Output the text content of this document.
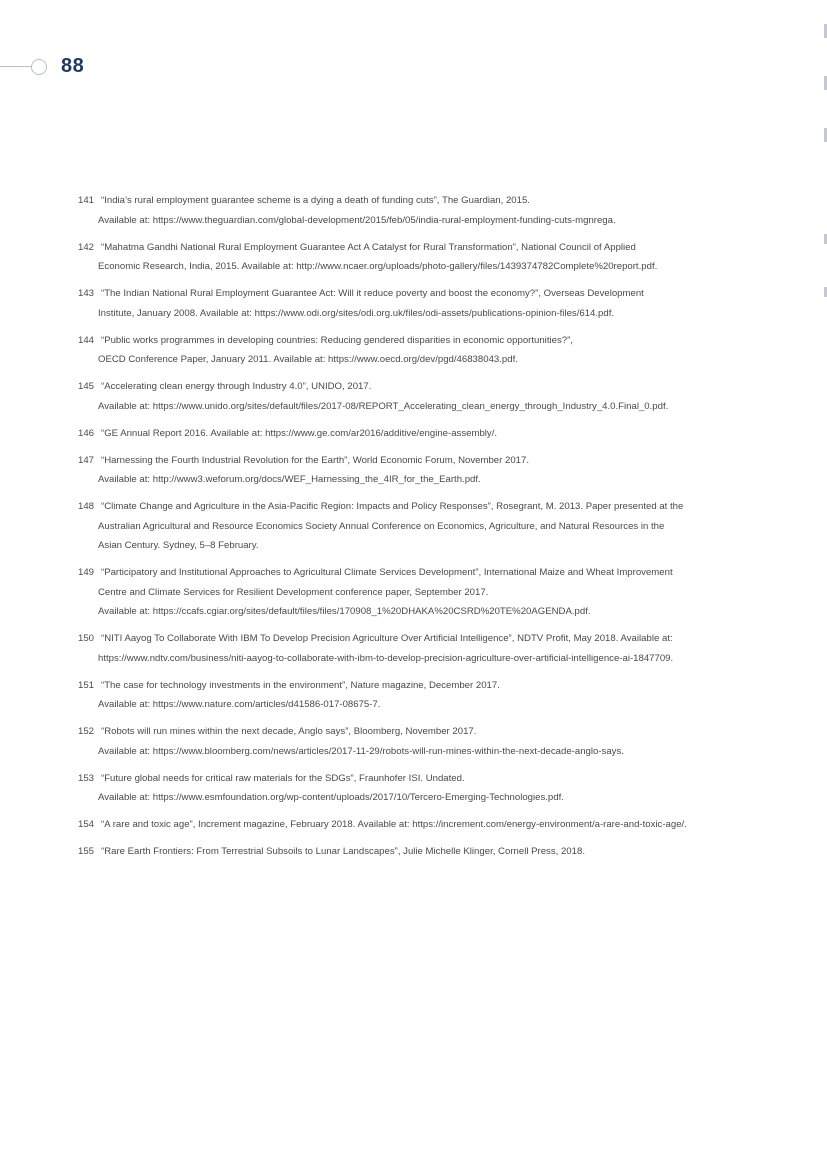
88
141 “India’s rural employment guarantee scheme is a dying a death of funding cuts”, The Guardian, 2015.
Available at: https://www.theguardian.com/global-development/2015/feb/05/india-rural-employment-funding-cuts-mgnrega.
142 “Mahatma Gandhi National Rural Employment Guarantee Act A Catalyst for Rural Transformation”, National Council of Applied
Economic Research, India, 2015. Available at: http://www.ncaer.org/uploads/photo-gallery/files/1439374782Complete%20report.pdf.
143 “The Indian National Rural Employment Guarantee Act: Will it reduce poverty and boost the economy?”, Overseas Development
Institute, January 2008. Available at: https://www.odi.org/sites/odi.org.uk/files/odi-assets/publications-opinion-files/614.pdf.
144 “Public works programmes in developing countries: Reducing gendered disparities in economic opportunities?”,
OECD Conference Paper, January 2011. Available at: https://www.oecd.org/dev/pgd/46838043.pdf.
145 “Accelerating clean energy through Industry 4.0”, UNIDO, 2017.
Available at: https://www.unido.org/sites/default/files/2017-08/REPORT_Accelerating_clean_energy_through_Industry_4.0.Final_0.pdf.
146 “GE Annual Report 2016. Available at: https://www.ge.com/ar2016/additive/engine-assembly/.
147 “Harnessing the Fourth Industrial Revolution for the Earth”, World Economic Forum, November 2017.
Available at: http://www3.weforum.org/docs/WEF_Harnessing_the_4IR_for_the_Earth.pdf.
148 “Climate Change and Agriculture in the Asia-Pacific Region: Impacts and Policy Responses”, Rosegrant, M. 2013. Paper presented at the
Australian Agricultural and Resource Economics Society Annual Conference on Economics, Agriculture, and Natural Resources in the
Asian Century. Sydney, 5–8 February.
149 “Participatory and Institutional Approaches to Agricultural Climate Services Development”, International Maize and Wheat Improvement
Centre and Climate Services for Resilient Development conference paper, September 2017.
Available at: https://ccafs.cgiar.org/sites/default/files/files/170908_1%20DHAKA%20CSRD%20TE%20AGENDA.pdf.
150 “NITI Aayog To Collaborate With IBM To Develop Precision Agriculture Over Artificial Intelligence”, NDTV Profit, May 2018. Available at:
https://www.ndtv.com/business/niti-aayog-to-collaborate-with-ibm-to-develop-precision-agriculture-over-artificial-intelligence-ai-1847709.
151 “The case for technology investments in the environment”, Nature magazine, December 2017.
Available at: https://www.nature.com/articles/d41586-017-08675-7.
152 “Robots will run mines within the next decade, Anglo says”, Bloomberg, November 2017.
Available at: https://www.bloomberg.com/news/articles/2017-11-29/robots-will-run-mines-within-the-next-decade-anglo-says.
153 “Future global needs for critical raw materials for the SDGs”, Fraunhofer ISI. Undated.
Available at: https://www.esmfoundation.org/wp-content/uploads/2017/10/Tercero-Emerging-Technologies.pdf.
154 “A rare and toxic age”, Increment magazine, February 2018. Available at: https://increment.com/energy-environment/a-rare-and-toxic-age/.
155 “Rare Earth Frontiers: From Terrestrial Subsoils to Lunar Landscapes”, Julie Michelle Klinger, Cornell Press, 2018.
